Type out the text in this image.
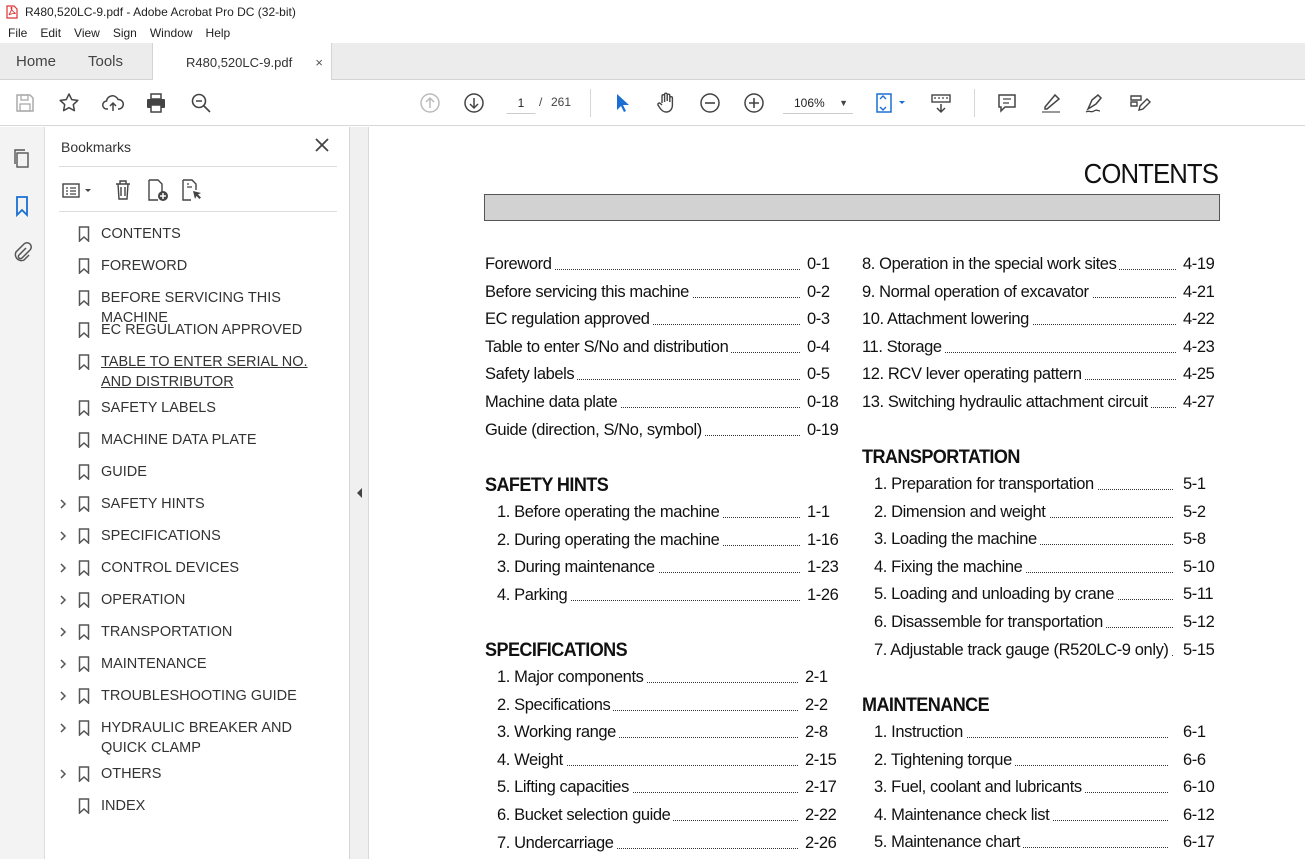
R480,520LC-9.pdf - Adobe Acrobat Pro DC (32-bit)
File Edit View Sign Window Help
Home Tools	R480,520LC-9.pdf ×
1	/ 261	106% ▼
Bookmarks
CONTENTS
FOREWORD
BEFORE SERVICING THIS MACHINE
EC REGULATION APPROVED
TABLE TO ENTER SERIAL NO. AND DISTRIBUTOR
SAFETY LABELS
MACHINE DATA PLATE
GUIDE
SAFETY HINTS
SPECIFICATIONS
CONTROL DEVICES
OPERATION
TRANSPORTATION
MAINTENANCE
TROUBLESHOOTING GUIDE
HYDRAULIC BREAKER AND QUICK CLAMP
OTHERS
INDEX
CONTENTS
Foreword	0-1
Before servicing this machine	0-2
EC regulation approved	0-3
Table to enter S/No and distribution	0-4
Safety labels	0-5
Machine data plate	0-18
Guide (direction, S/No, symbol)	0-19
SAFETY HINTS
1. Before operating the machine	1-1
2. During operating the machine	1-16
3. During maintenance	1-23
4. Parking	1-26
SPECIFICATIONS
1. Major components	2-1
2. Specifications	2-2
3. Working range	2-8
4. Weight	2-15
5. Lifting capacities	2-17
6. Bucket selection guide	2-22
7. Undercarriage	2-26
8. Operation in the special work sites	4-19
9. Normal operation of excavator	4-21
10. Attachment lowering	4-22
11. Storage	4-23
12. RCV lever operating pattern	4-25
13. Switching hydraulic attachment circuit 4-27
TRANSPORTATION
1. Preparation for transportation	5-1
2. Dimension and weight	5-2
3. Loading the machine	5-8
4. Fixing the machine	5-10
5. Loading and unloading by crane	5-11
6. Disassemble for transportation	5-12
7. Adjustable track gauge (R520LC-9 only) 5-15
MAINTENANCE
1. Instruction	6-1
2. Tightening torque	6-6
3. Fuel, coolant and lubricants	6-10
4. Maintenance check list	6-12
5. Maintenance chart	6-17
